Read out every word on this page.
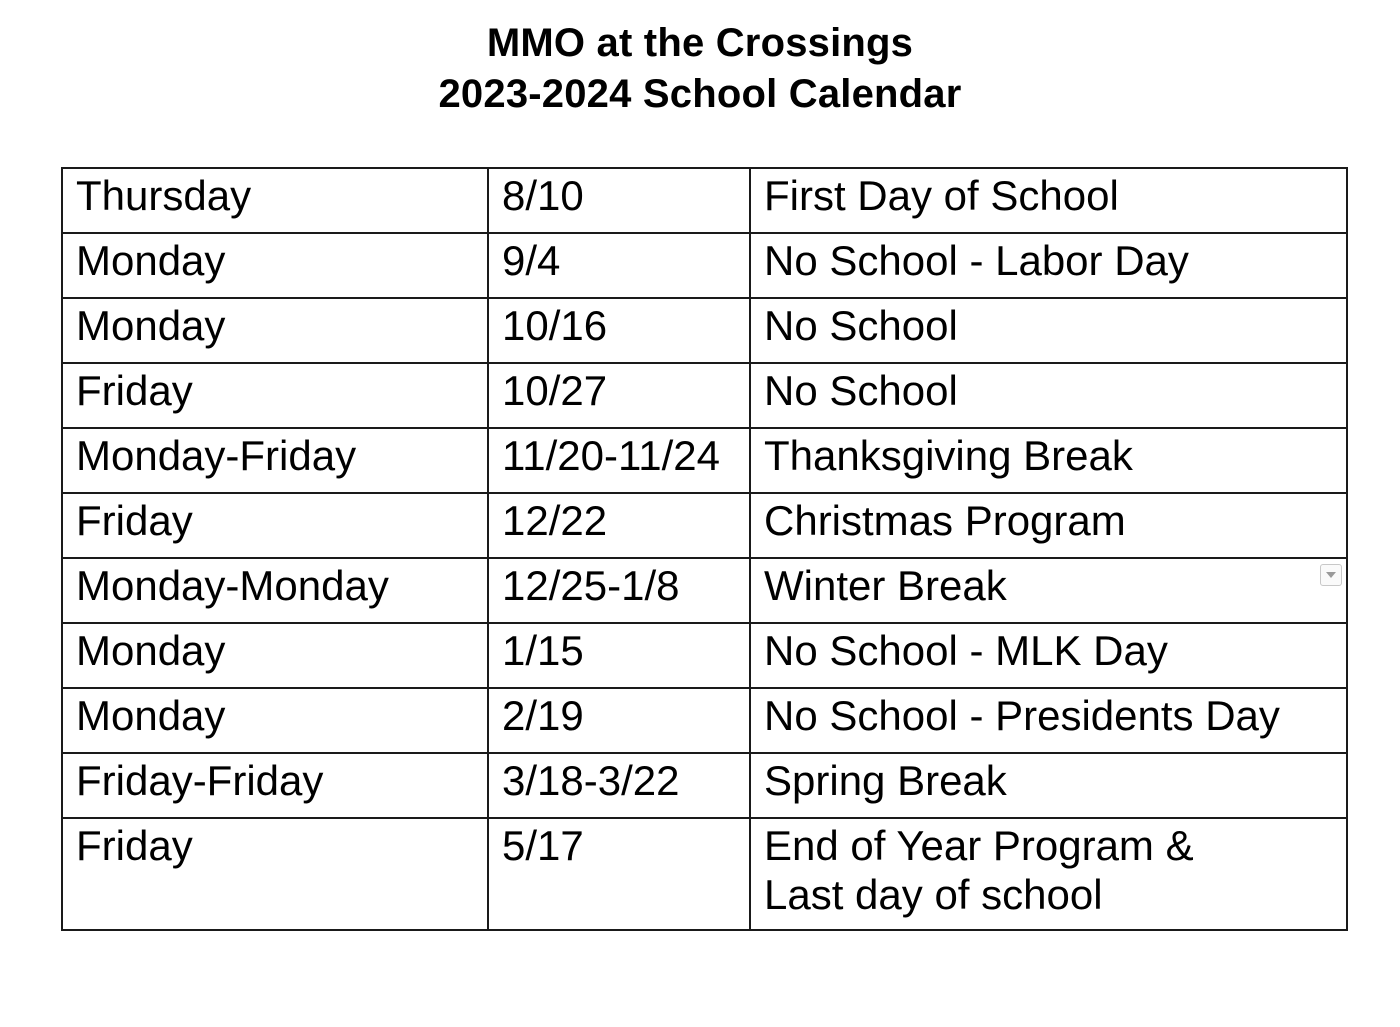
MMO at the Crossings

2023-2024 School Calendar

Thursday	8/10	First Day of School

Monday	9/4	No School - Labor Day

Monday	10/16	No School

Friday	10/27	No School

Monday-Friday	11/20-11/24	Thanksgiving Break

Friday	12/22	Christmas Program

Monday-Monday	12/25-1/8	Winter Break

Monday	1/15	No School - MLK Day

Monday	2/19	No School - Presidents Day

Friday-Friday	3/18-3/22	Spring Break

Friday	5/17	End of Year Program &
Last day of school
